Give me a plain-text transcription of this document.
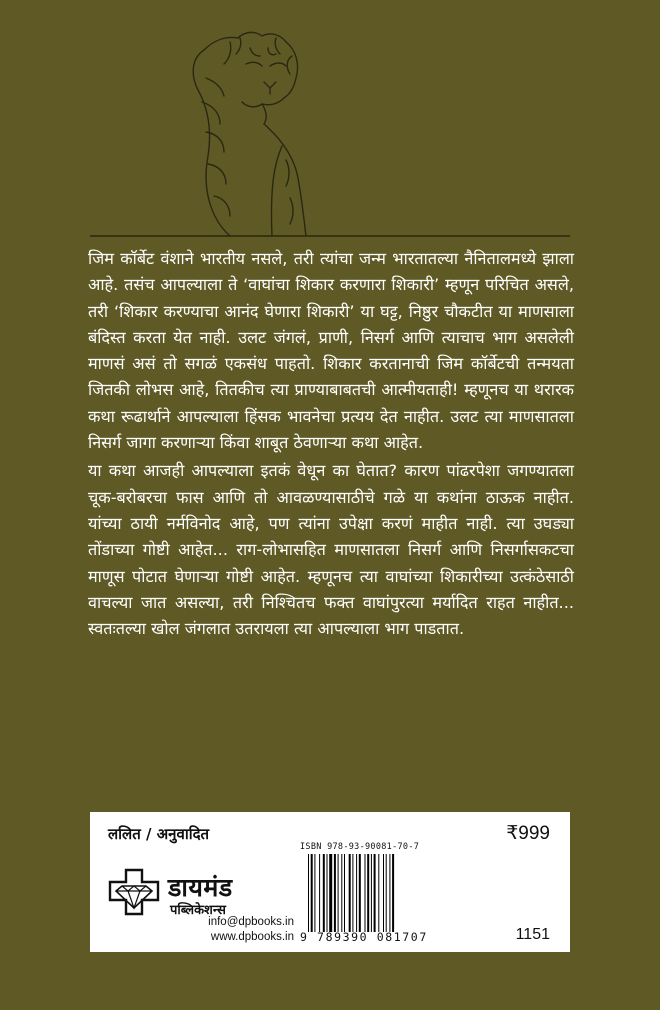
जिम कॉर्बेट वंशाने भारतीय नसले, तरी त्यांचा जन्म भारतातल्या नैनितालमध्ये झाला आहे. तसंच आपल्याला ते ‘वाघांचा शिकार करणारा शिकारी’ म्हणून परिचित असले, तरी ‘शिकार करण्याचा आनंद घेणारा शिकारी’ या घट्ट, निष्ठुर चौकटीत या माणसाला बंदिस्त करता येत नाही. उलट जंगलं, प्राणी, निसर्ग आणि त्याचाच भाग असलेली माणसं असं तो सगळं एकसंध पाहतो. शिकार करतानाची जिम कॉर्बेटची तन्मयता जितकी लोभस आहे, तितकीच त्या प्राण्याबाबतची आत्मीयताही! म्हणूनच या थरारक कथा रूढार्थाने आपल्याला हिंसक भावनेचा प्रत्यय देत नाहीत. उलट त्या माणसातला निसर्ग जागा करणाऱ्या किंवा शाबूत ठेवणाऱ्या कथा आहेत.

या कथा आजही आपल्याला इतकं वेधून का घेतात? कारण पांढरपेशा जगण्यातला चूक-बरोबरचा फास आणि तो आवळण्यासाठीचे गळे या कथांना ठाऊक नाहीत. यांच्या ठायी नर्मविनोद आहे, पण त्यांना उपेक्षा करणं माहीत नाही. त्या उघड्या तोंडाच्या गोष्टी आहेत... राग-लोभासहित माणसातला निसर्ग आणि निसर्गासकटचा माणूस पोटात घेणाऱ्या गोष्टी आहेत. म्हणूनच त्या वाघांच्या शिकारीच्या उत्कंठेसाठी वाचल्या जात असल्या, तरी निश्चितच फक्त वाघांपुरत्या मर्यादित राहत नाहीत... स्वतःतल्या खोल जंगलात उतरायला त्या आपल्याला भाग पाडतात.

ललित / अनुवादित	₹999
डायमंड
पब्लिकेशन्स
info@dpbooks.in
www.dpbooks.in
ISBN 978-93-90081-70-7
9 789390 081707	1151
